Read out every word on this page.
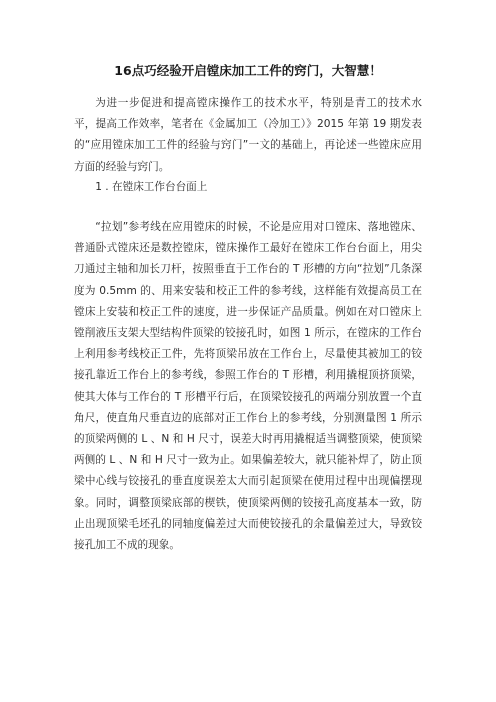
16点巧经验开启镗床加工工件的窍门，大智慧！
为进一步促进和提高镗床操作工的技术水平，特别是青工的技术水平，提高工作效率，笔者在《金属加工（冷加工）》2015 年第 19 期发表的“应用镗床加工工件的经验与窍门”一文的基础上，再论述一些镗床应用方面的经验与窍门。
1 . 在镗床工作台台面上
“拉划”参考线在应用镗床的时候，不论是应用对口镗床、落地镗床、普通卧式镗床还是数控镗床，镗床操作工最好在镗床工作台台面上，用尖刀通过主轴和加长刀杆，按照垂直于工作台的 T 形槽的方向“拉划”几条深度为 0.5mm 的、用来安装和校正工件的参考线，这样能有效提高员工在镗床上安装和校正工件的速度，进一步保证产品质量。例如在对口镗床上镗削液压支架大型结构件顶梁的铰接孔时，如图 1 所示，在镗床的工作台上利用参考线校正工件，先将顶梁吊放在工作台上，尽量使其被加工的铰接孔靠近工作台上的参考线，参照工作台的 T 形槽，利用撬棍顶挤顶梁，使其大体与工作台的 T 形槽平行后，在顶梁铰接孔的两端分别放置一个直角尺，使直角尺垂直边的底部对正工作台上的参考线，分别测量图 1 所示的顶梁两侧的 L 、N 和 H 尺寸，误差大时再用撬棍适当调整顶梁，使顶梁两侧的 L 、N 和 H 尺寸一致为止。如果偏差较大，就只能补焊了，防止顶梁中心线与铰接孔的垂直度误差太大而引起顶梁在使用过程中出现偏摆现象。同时，调整顶梁底部的楔铁，使顶梁两侧的铰接孔高度基本一致，防止出现顶梁毛坯孔的同轴度偏差过大而使铰接孔的余量偏差过大，导致铰接孔加工不成的现象。
